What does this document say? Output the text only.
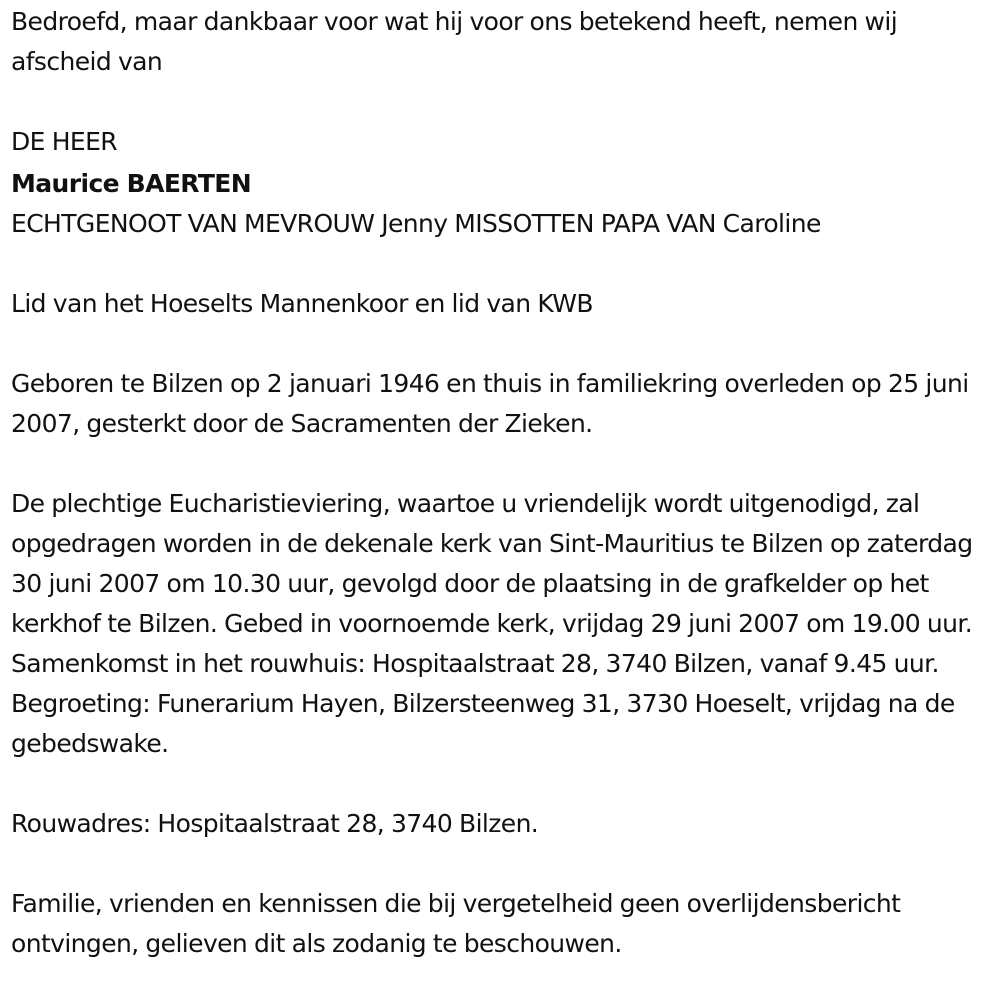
Bedroefd, maar dankbaar voor wat hij voor ons betekend heeft, nemen wij afscheid van

DE HEER

Maurice BAERTEN

ECHTGENOOT VAN MEVROUW Jenny MISSOTTEN PAPA VAN Caroline

Lid van het Hoeselts Mannenkoor en lid van KWB

Geboren te Bilzen op 2 januari 1946 en thuis in familiekring overleden op 25 juni 2007, gesterkt door de Sacramenten der Zieken.

De plechtige Eucharistieviering, waartoe u vriendelijk wordt uitgenodigd, zal opgedragen worden in de dekenale kerk van Sint-Mauritius te Bilzen op zaterdag 30 juni 2007 om 10.30 uur, gevolgd door de plaatsing in de grafkelder op het kerkhof te Bilzen. Gebed in voornoemde kerk, vrijdag 29 juni 2007 om 19.00 uur. Samenkomst in het rouwhuis: Hospitaalstraat 28, 3740 Bilzen, vanaf 9.45 uur. Begroeting: Funerarium Hayen, Bilzersteenweg 31, 3730 Hoeselt, vrijdag na de gebedswake.

Rouwadres: Hospitaalstraat 28, 3740 Bilzen.

Familie, vrienden en kennissen die bij vergetelheid geen overlijdensbericht ontvingen, gelieven dit als zodanig te beschouwen.
